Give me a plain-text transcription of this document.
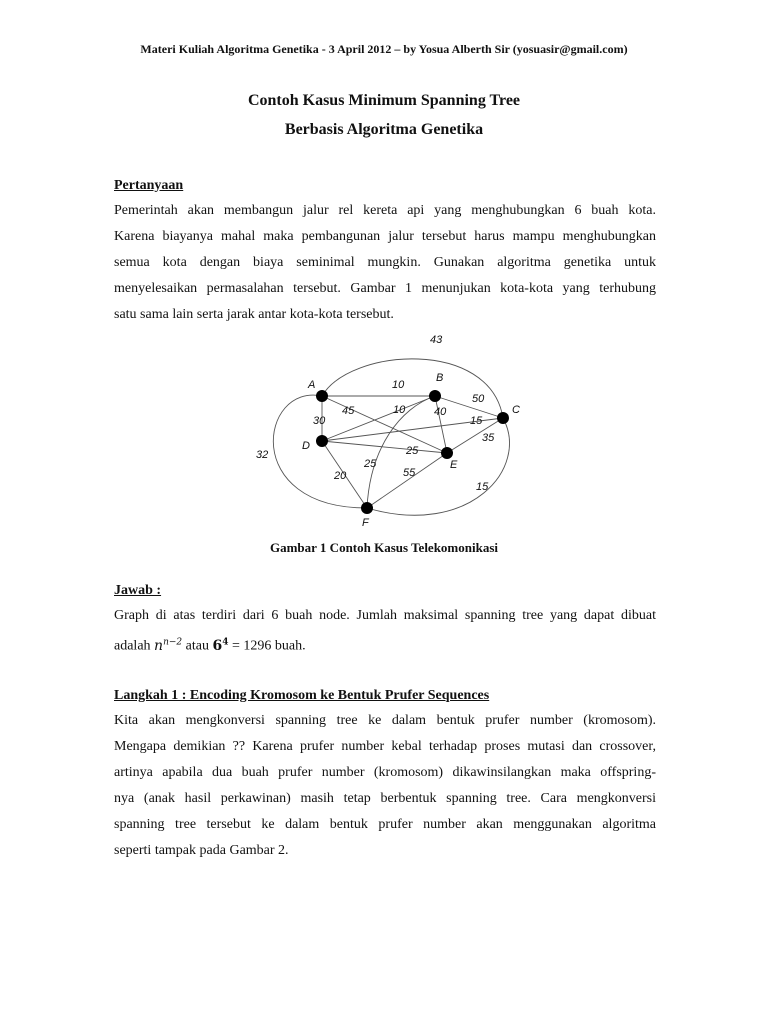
Materi Kuliah Algoritma Genetika - 3 April 2012 – by Yosua Alberth Sir (yosuasir@gmail.com)
Contoh Kasus Minimum Spanning Tree
Berbasis Algoritma Genetika
Pertanyaan
Pemerintah akan membangun jalur rel kereta api yang menghubungkan 6 buah kota.
Karena biayanya mahal maka pembangunan jalur tersebut harus mampu menghubungkan
semua kota dengan biaya seminimal mungkin. Gunakan algoritma genetika untuk
menyelesaikan permasalahan tersebut. Gambar 1 menunjukan kota-kota yang terhubung
satu sama lain serta jarak antar kota-kota tersebut.
10
43
30
45
32
50
10	40
25
15
35
15
25
20	55
A
B
C
D
E
F
Gambar 1 Contoh Kasus Telekomonikasi
Jawab :
Graph di atas terdiri dari 6 buah node. Jumlah maksimal spanning tree yang dapat dibuat
adalah $n^{n-2}$ atau $6^4 = 1296$ buah.
Langkah 1 : Encoding Kromosom ke Bentuk Prufer Sequences
Kita akan mengkonversi spanning tree ke dalam bentuk prufer number (kromosom).
Mengapa demikian ?? Karena prufer number kebal terhadap proses mutasi dan crossover,
artinya apabila dua buah prufer number (kromosom) dikawinsilangkan maka offspring-
nya (anak hasil perkawinan) masih tetap berbentuk spanning tree. Cara mengkonversi
spanning tree tersebut ke dalam bentuk prufer number akan menggunakan algoritma
seperti tampak pada Gambar 2.
